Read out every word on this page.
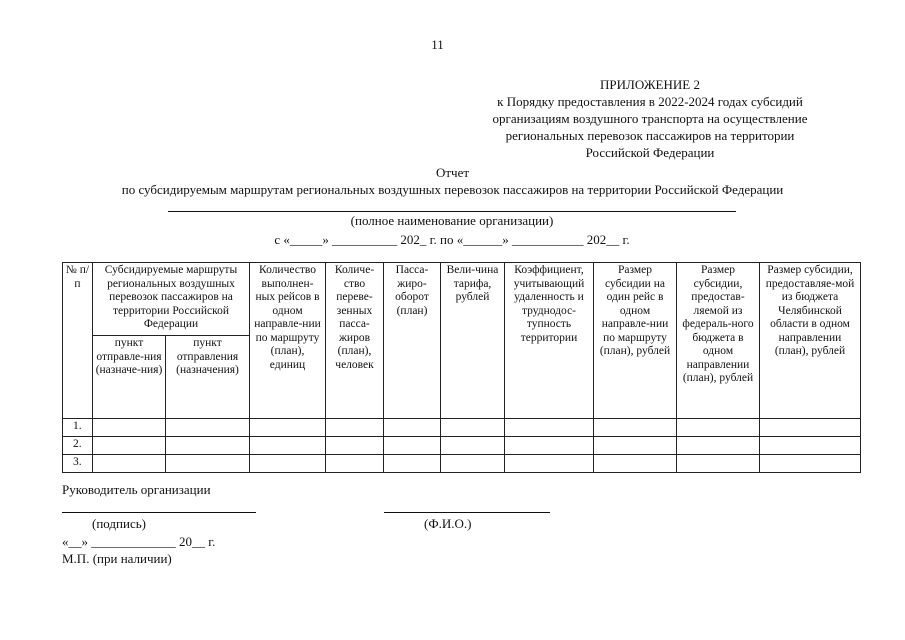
11
ПРИЛОЖЕНИЕ 2
к Порядку предоставления в 2022-2024 годах субсидий
организациям воздушного транспорта на осуществление
региональных перевозок пассажиров на территории
Российской Федерации
Отчет
по субсидируемым маршрутам региональных воздушных перевозок пассажиров на территории Российской Федерации
(полное наименование организации)
с «_____» __________ 202_ г. по «______» ___________ 202__ г.
№ п/п	Субсидируемые маршруты региональных воздушных перевозок пассажиров на территории Российской Федерации		Количество выполнен-ных рейсов в одном направле-нии по маршруту (план), единиц	Количе-ство переве-зенных пасса-жиров (план), человек	Пасса-жиро-оборот (план)	Вели-чина тарифа, рублей	Коэффициент, учитывающий удаленность и труднодос-тупность территории	Размер субсидии на один рейс в одном направле-нии по маршруту (план), рублей	Размер субсидии, предостав-ляемой из федераль-ного бюджета в одном направлении (план), рублей	Размер субсидии, предоставляе-мой из бюджета Челябинской области в одном направлении (план), рублей
	пункт отправле-ния (назначе-ния)	пункт отправления (назначения)								
1.										
2.										
3.										
Руководитель организации
(подпись)	(Ф.И.О.)
«__» _____________ 20__ г.
М.П. (при наличии)
